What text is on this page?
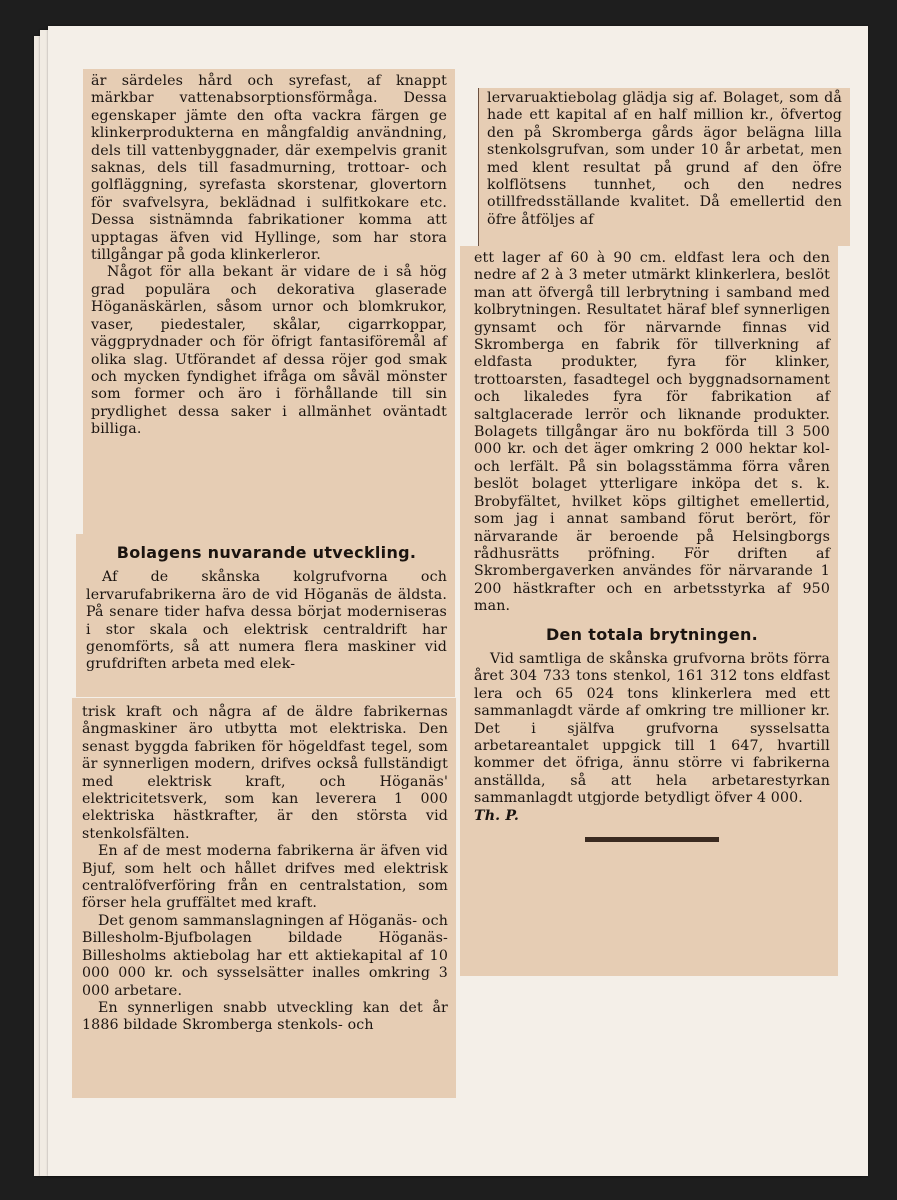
är särdeles hård och syrefast, af knappt märkbar vattenabsorptionsförmåga. Dessa egenskaper jämte den ofta vackra färgen ge klinkerprodukterna en mångfaldig användning, dels till vattenbyggnader, där exempelvis granit saknas, dels till fasadmurning, trottoar- och golfläggning, syrefasta skorstenar, glovertorn för svafvelsyra, beklädnad i sulfitkokare etc. Dessa sistnämnda fabrikationer komma att upptagas äfven vid Hyllinge, som har stora tillgångar på goda klinkerleror.

Något för alla bekant är vidare de i så hög grad populära och dekorativa glaserade Höganäskärlen, såsom urnor och blomkrukor, vaser, piedestaler, skålar, cigarrkoppar, väggprydnader och för öfrigt fantasiföremål af olika slag. Utförandet af dessa röjer god smak och mycken fyndighet ifråga om såväl mönster som former och äro i förhållande till sin prydlighet dessa saker i allmänhet oväntadt billiga.

Bolagens nuvarande utveckling.

Af de skånska kolgrufvorna och lervarufabrikerna äro de vid Höganäs de äldsta. På senare tider hafva dessa börjat moderniseras i stor skala och elektrisk centraldrift har genomförts, så att numera flera maskiner vid grufdriften arbeta med elek-

trisk kraft och några af de äldre fabrikernas ångmaskiner äro utbytta mot elektriska. Den senast byggda fabriken för högeldfast tegel, som är synnerligen modern, drifves också fullständigt med elektrisk kraft, och Höganäs' elektricitetsverk, som kan leverera 1 000 elektriska hästkrafter, är den största vid stenkolsfälten.

En af de mest moderna fabrikerna är äfven vid Bjuf, som helt och hållet drifves med elektrisk centralöfverföring från en centralstation, som förser hela gruffältet med kraft.

Det genom sammanslagningen af Höganäs- och Billesholm-Bjufbolagen bildade Höganäs-Billesholms aktiebolag har ett aktiekapital af 10 000 000 kr. och sysselsätter inalles omkring 3 000 arbetare.

En synnerligen snabb utveckling kan det år 1886 bildade Skromberga stenkols- och

lervaruaktiebolag glädja sig af. Bolaget, som då hade ett kapital af en half million kr., öfvertog den på Skromberga gårds ägor belägna lilla stenkolsgrufvan, som under 10 år arbetat, men med klent resultat på grund af den öfre kolflötsens tunnhet, och den nedres otillfredsställande kvalitet. Då emellertid den öfre åtföljes af

ett lager af 60 à 90 cm. eldfast lera och den nedre af 2 à 3 meter utmärkt klinkerlera, beslöt man att öfvergå till lerbrytning i samband med kolbrytningen. Resultatet häraf blef synnerligen gynsamt och för närvarnde finnas vid Skromberga en fabrik för tillverkning af eldfasta produkter, fyra för klinker, trottoarsten, fasadtegel och byggnadsornament och likaledes fyra för fabrikation af saltglacerade lerrör och liknande produkter. Bolagets tillgångar äro nu bokförda till 3 500 000 kr. och det äger omkring 2 000 hektar kol- och lerfält. På sin bolagsstämma förra våren beslöt bolaget ytterligare inköpa det s. k. Brobyfältet, hvilket köps giltighet emellertid, som jag i annat samband förut berört, för närvarande är beroende på Helsingborgs rådhusrätts pröfning. För driften af Skrombergaverken användes för närvarande 1 200 hästkrafter och en arbetsstyrka af 950 man.

Den totala brytningen.

Vid samtliga de skånska grufvorna bröts förra året 304 733 tons stenkol, 161 312 tons eldfast lera och 65 024 tons klinkerlera med ett sammanlagdt värde af omkring tre millioner kr. Det i själfva grufvorna sysselsatta arbetareantalet uppgick till 1 647, hvartill kommer det öfriga, ännu större vi fabrikerna anställda, så att hela arbetarestyrkan sammanlagdt utgjorde betydligt öfver 4 000.

Th. P.
